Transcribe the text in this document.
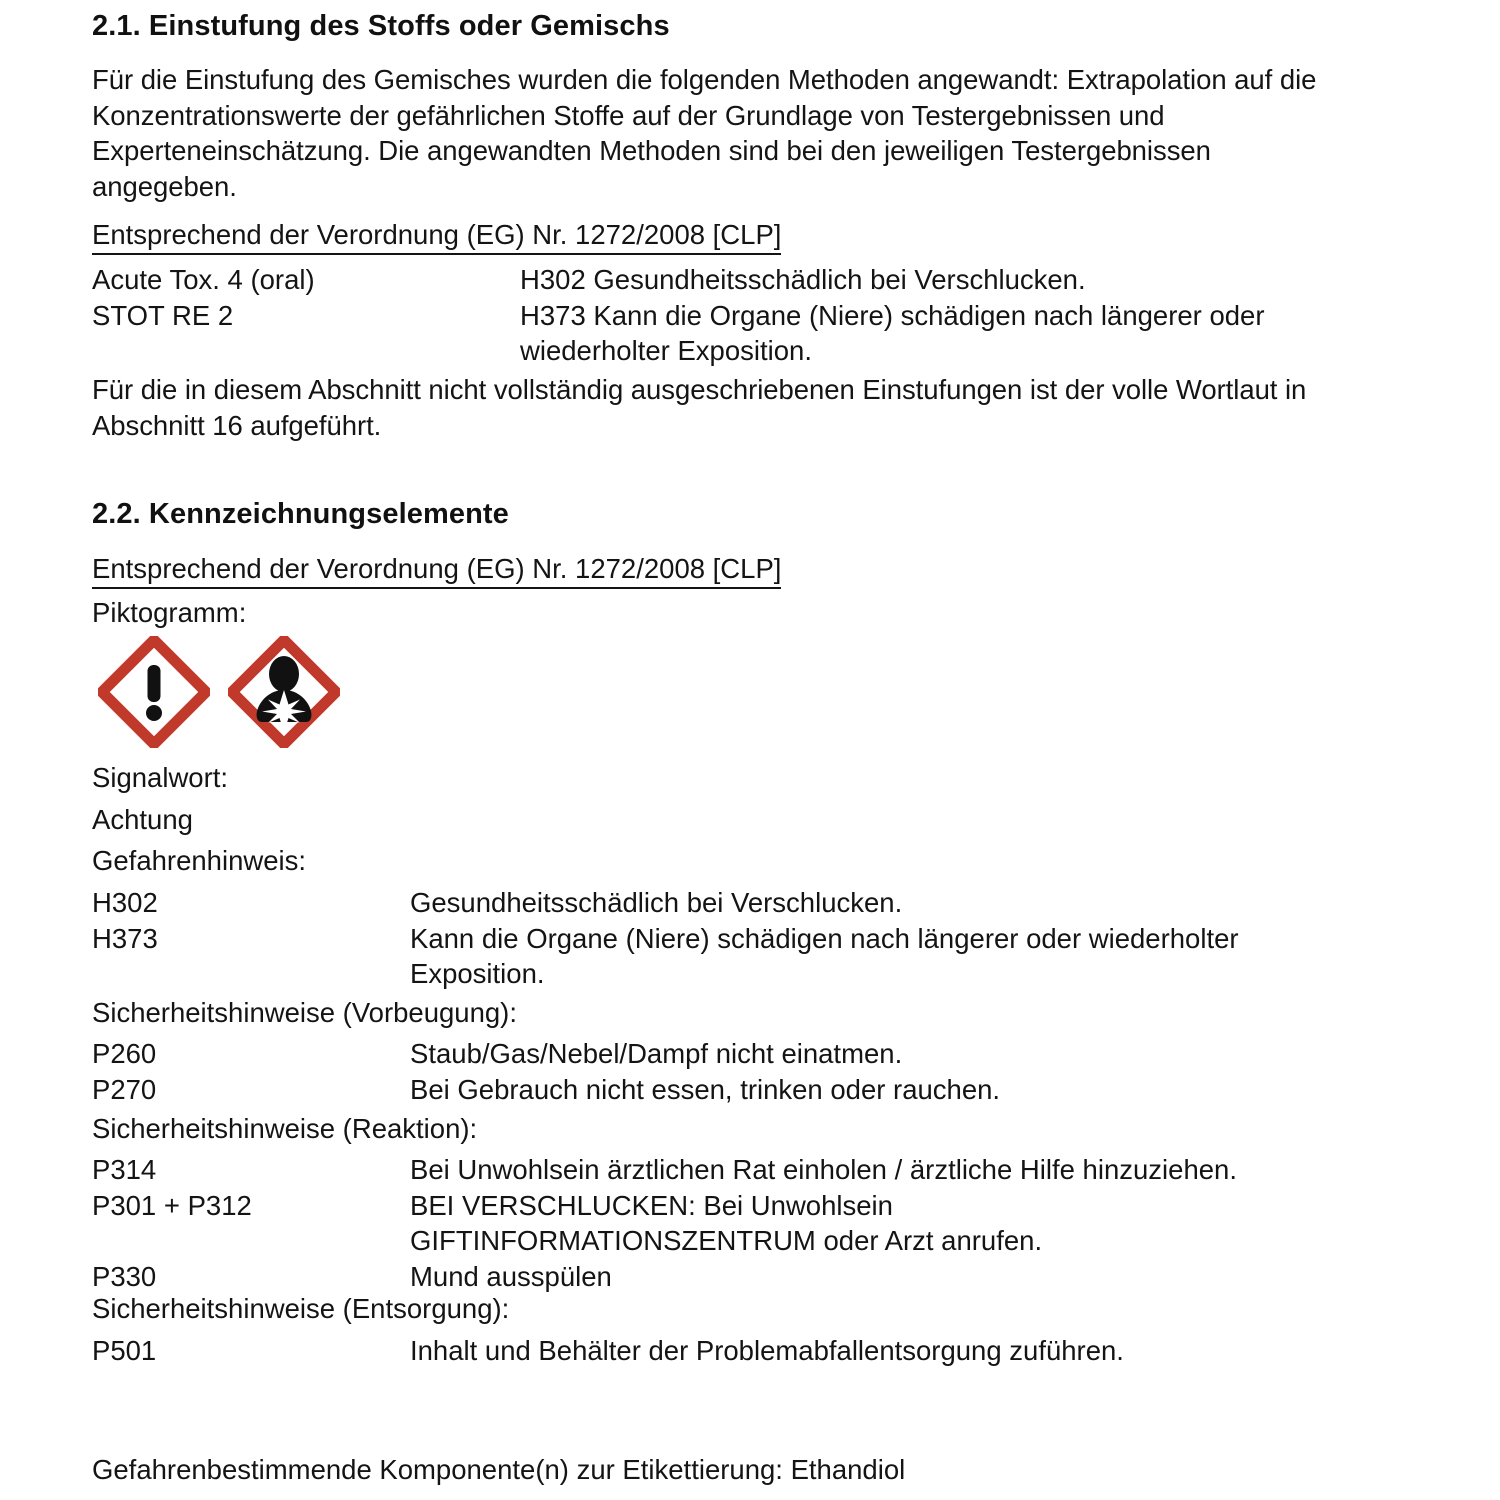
2.1. Einstufung des Stoffs oder Gemischs

Für die Einstufung des Gemisches wurden die folgenden Methoden angewandt: Extrapolation auf die Konzentrationswerte der gefährlichen Stoffe auf der Grundlage von Testergebnissen und Experteneinschätzung. Die angewandten Methoden sind bei den jeweiligen Testergebnissen angegeben.

Entsprechend der Verordnung (EG) Nr. 1272/2008 [CLP]
Acute Tox. 4 (oral)	H302 Gesundheitsschädlich bei Verschlucken.
STOT RE 2	H373 Kann die Organe (Niere) schädigen nach längerer oder
wiederholter Exposition.

Für die in diesem Abschnitt nicht vollständig ausgeschriebenen Einstufungen ist der volle Wortlaut in Abschnitt 16 aufgeführt.

2.2. Kennzeichnungselemente
Entsprechend der Verordnung (EG) Nr. 1272/2008 [CLP]
Piktogramm:
Signalwort:
Achtung
Gefahrenhinweis:
H302	Gesundheitsschädlich bei Verschlucken.
H373	Kann die Organe (Niere) schädigen nach längerer oder wiederholter
Exposition.
Sicherheitshinweise (Vorbeugung):
P260	Staub/Gas/Nebel/Dampf nicht einatmen.
P270	Bei Gebrauch nicht essen, trinken oder rauchen.
Sicherheitshinweise (Reaktion):
P314	Bei Unwohlsein ärztlichen Rat einholen / ärztliche Hilfe hinzuziehen.
P301 + P312	BEI VERSCHLUCKEN: Bei Unwohlsein
GIFTINFORMATIONSZENTRUM oder Arzt anrufen.
P330	Mund ausspülen
Sicherheitshinweise (Entsorgung):
P501	Inhalt und Behälter der Problemabfallentsorgung zuführen.
Gefahrenbestimmende Komponente(n) zur Etikettierung: Ethandiol
